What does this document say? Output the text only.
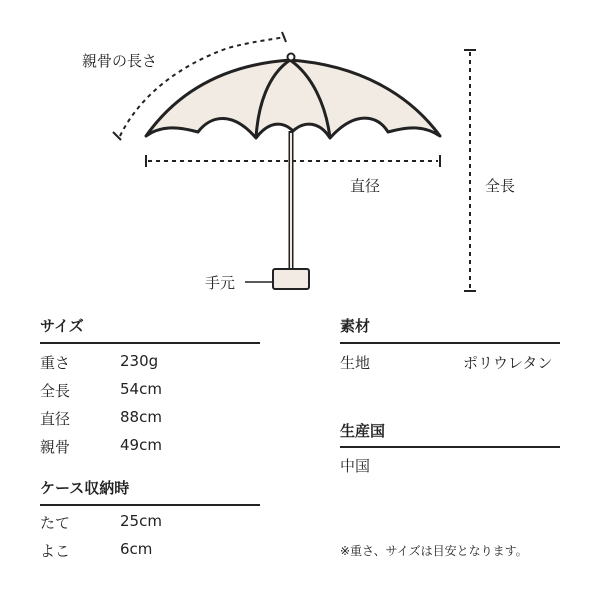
親骨の長さ
直径	全長
手元
サイズ
重さ	230g
全長	54cm
直径	88cm
親骨	49cm
ケース収納時
たて	25cm
よこ	6cm
素材
生地	ポリウレタン
生産国
中国
※重さ、サイズは目安となります。
